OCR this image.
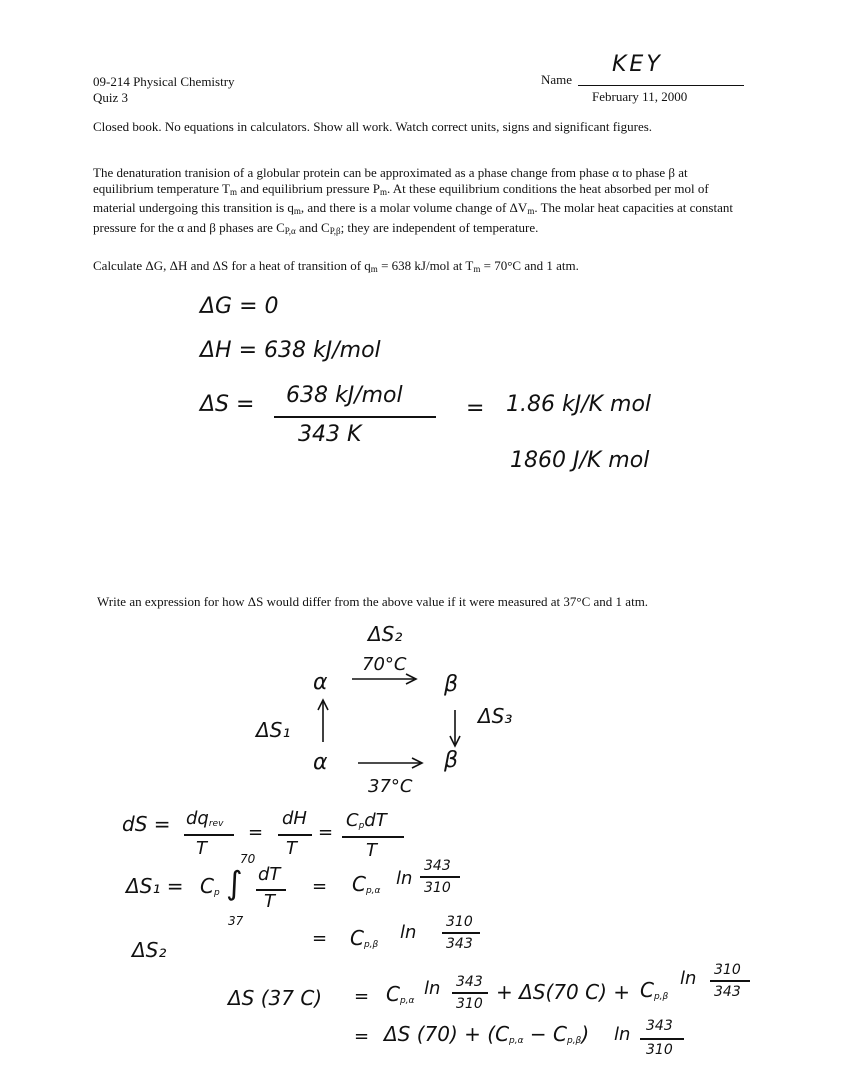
09-214 Physical Chemistry
Quiz 3
Name
KEY
February 11, 2000
Closed book. No equations in calculators. Show all work. Watch correct units, signs and significant figures.
The denaturation tranision of a globular protein can be approximated as a phase change from phase α to phase β at equilibrium temperature $T_m$ and equilibrium pressure $P_m$. At these equilibrium conditions the heat absorbed per mol of material undergoing this transition is $q_m$, and there is a molar volume change of $\Delta V_m$. The molar heat capacities at constant pressure for the α and β phases are $C_{P,\alpha}$ and $C_{P,\beta}$; they are independent of temperature.
Calculate ΔG, ΔH and ΔS for a heat of transition of $q_m = 638$ kJ/mol at $T_m = 70^\circ C$ and 1 atm.
ΔG = 0
ΔH = 638 kJ/mol
ΔS = 638 kJ/mol
343 K
= 1.86 kJ/K mol
1860 J/K mol
Write an expression for how ΔS would differ from the above value if it were measured at 37°C and 1 atm.
ΔS₂
70°C
α	β
ΔS₁
ΔS₃
α	β
37°C
dS = $dq_{rev}$
T
=
dH
T
=
$C_pdT$
T
$\Delta S_1 = C_p$
70
∫
37
dT
T
= $C_{p,\alpha}$
ln
343
310
ΔS₂	= $C_{p,\beta}$
ln 310
343
ΔS (37 $C) = C_{p,\alpha}$
ln 343
310 + ΔS(70 $C) + C_{p,\beta}$
ln 310
343
= ΔS $(70) + (C_{p,\alpha} - C_{p,\beta})$ ln 343
310
